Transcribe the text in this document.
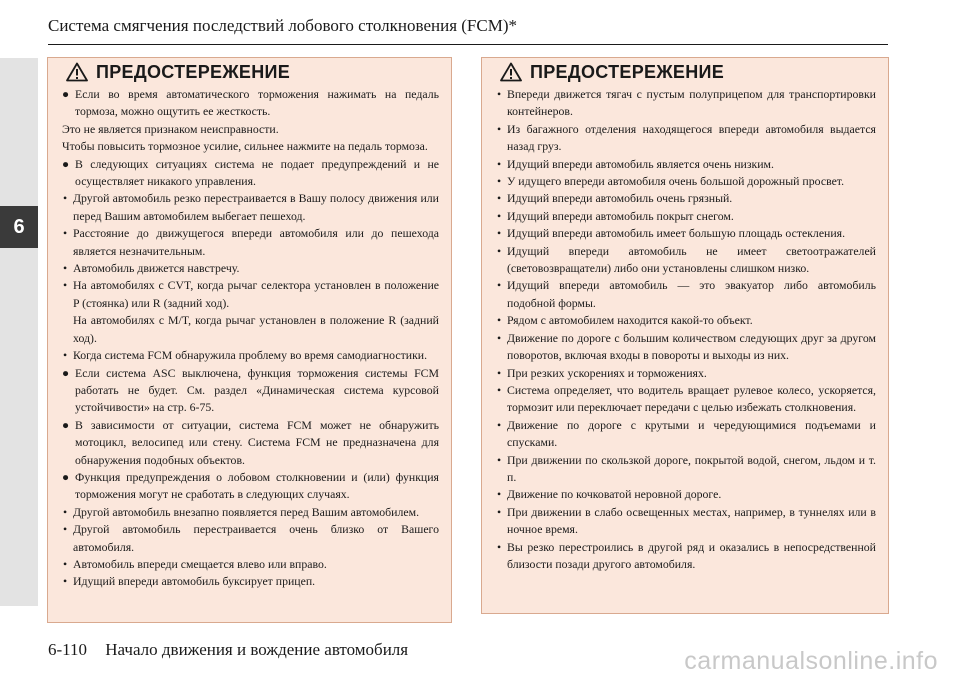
6
Система смягчения последствий лобового столкновения (FCM)*
ПРЕДОСТЕРЕЖЕНИЕ

● Если во время автоматического торможения нажимать на педаль тормоза, можно ощутить ее жесткость.

Это не является признаком неисправности.

Чтобы повысить тормозное усилие, сильнее нажмите на педаль тормоза.

● В следующих ситуациях система не подает предупреждений и не осуществляет никакого управления.

• Другой автомобиль резко перестраивается в Вашу полосу движения или перед Вашим автомобилем выбегает пешеход.

• Расстояние до движущегося впереди автомобиля или до пешехода является незначительным.

• Автомобиль движется навстречу.

• На автомобилях с CVT, когда рычаг селектора установлен в положение P (стоянка) или R (задний ход).

На автомобилях с M/T, когда рычаг установлен в положение R (задний ход).

• Когда система FCM обнаружила проблему во время самодиагностики.

● Если система ASC выключена, функция торможения системы FCM работать не будет. См. раздел «Динамическая система курсовой устойчивости» на стр. 6-75.

● В зависимости от ситуации, система FCM может не обнаружить мотоцикл, велосипед или стену. Система FCM не предназначена для обнаружения подобных объектов.

● Функция предупреждения о лобовом столкновении и (или) функция торможения могут не сработать в следующих случаях.

• Другой автомобиль внезапно появляется перед Вашим автомобилем.

• Другой автомобиль перестраивается очень близко от Вашего автомобиля.

• Автомобиль впереди смещается влево или вправо.

• Идущий впереди автомобиль буксирует прицеп.

ПРЕДОСТЕРЕЖЕНИЕ

• Впереди движется тягач с пустым полуприцепом для транспортировки контейнеров.

• Из багажного отделения находящегося впереди автомобиля выдается назад груз.

• Идущий впереди автомобиль является очень низким.

• У идущего впереди автомобиля очень большой дорожный просвет.

• Идущий впереди автомобиль очень грязный.

• Идущий впереди автомобиль покрыт снегом.

• Идущий впереди автомобиль имеет большую площадь остекления.

• Идущий впереди автомобиль не имеет светоотражателей (световозвращатели) либо они установлены слишком низко.

• Идущий впереди автомобиль — это эвакуатор либо автомобиль подобной формы.

• Рядом с автомобилем находится какой-то объект.

• Движение по дороге с большим количеством следующих друг за другом поворотов, включая входы в повороты и выходы из них.

• При резких ускорениях и торможениях.

• Система определяет, что водитель вращает рулевое колесо, ускоряется, тормозит или переключает передачи с целью избежать столкновения.

• Движение по дороге с крутыми и чередующимися подъемами и спусками.

• При движении по скользкой дороге, покрытой водой, снегом, льдом и т. п.

• Движение по кочковатой неровной дороге.

• При движении в слабо освещенных местах, например, в туннелях или в ночное время.

• Вы резко перестроились в другой ряд и оказались в непосредственной близости позади другого автомобиля.

6-110 Начало движения и вождение автомобиля	carmanualsonline.info
